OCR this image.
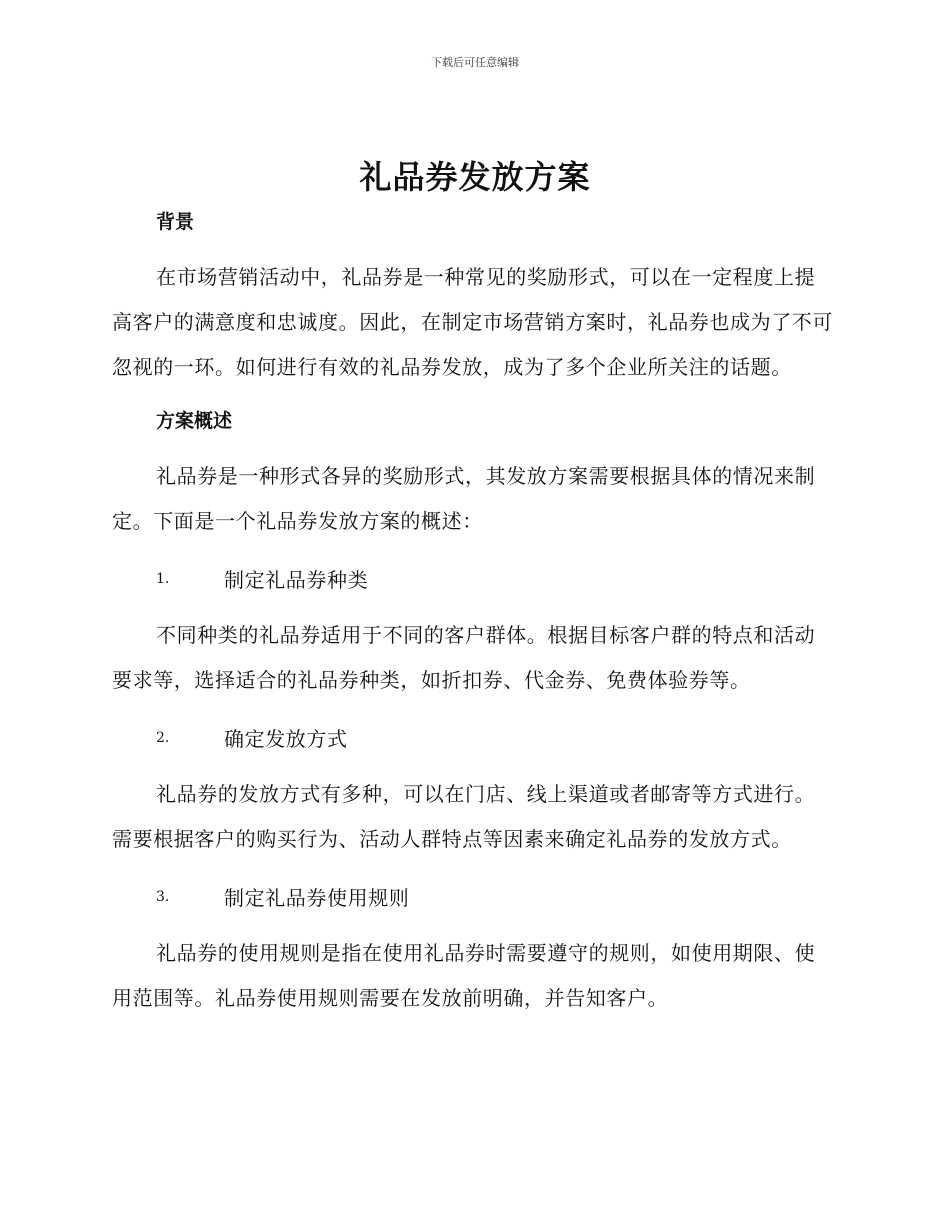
下载后可任意编辑
礼品券发放方案
背景

在市场营销活动中，礼品券是一种常见的奖励形式，可以在一定程度上提高客户的满意度和忠诚度。因此，在制定市场营销方案时，礼品券也成为了不可忽视的一环。如何进行有效的礼品券发放，成为了多个企业所关注的话题。

方案概述

礼品券是一种形式各异的奖励形式，其发放方案需要根据具体的情况来制定。下面是一个礼品券发放方案的概述：

1.	制定礼品券种类

不同种类的礼品券适用于不同的客户群体。根据目标客户群的特点和活动要求等，选择适合的礼品券种类，如折扣券、代金券、免费体验券等。

2.	确定发放方式

礼品券的发放方式有多种，可以在门店、线上渠道或者邮寄等方式进行。需要根据客户的购买行为、活动人群特点等因素来确定礼品券的发放方式。

3.	制定礼品券使用规则

礼品券的使用规则是指在使用礼品券时需要遵守的规则，如使用期限、使用范围等。礼品券使用规则需要在发放前明确，并告知客户。
